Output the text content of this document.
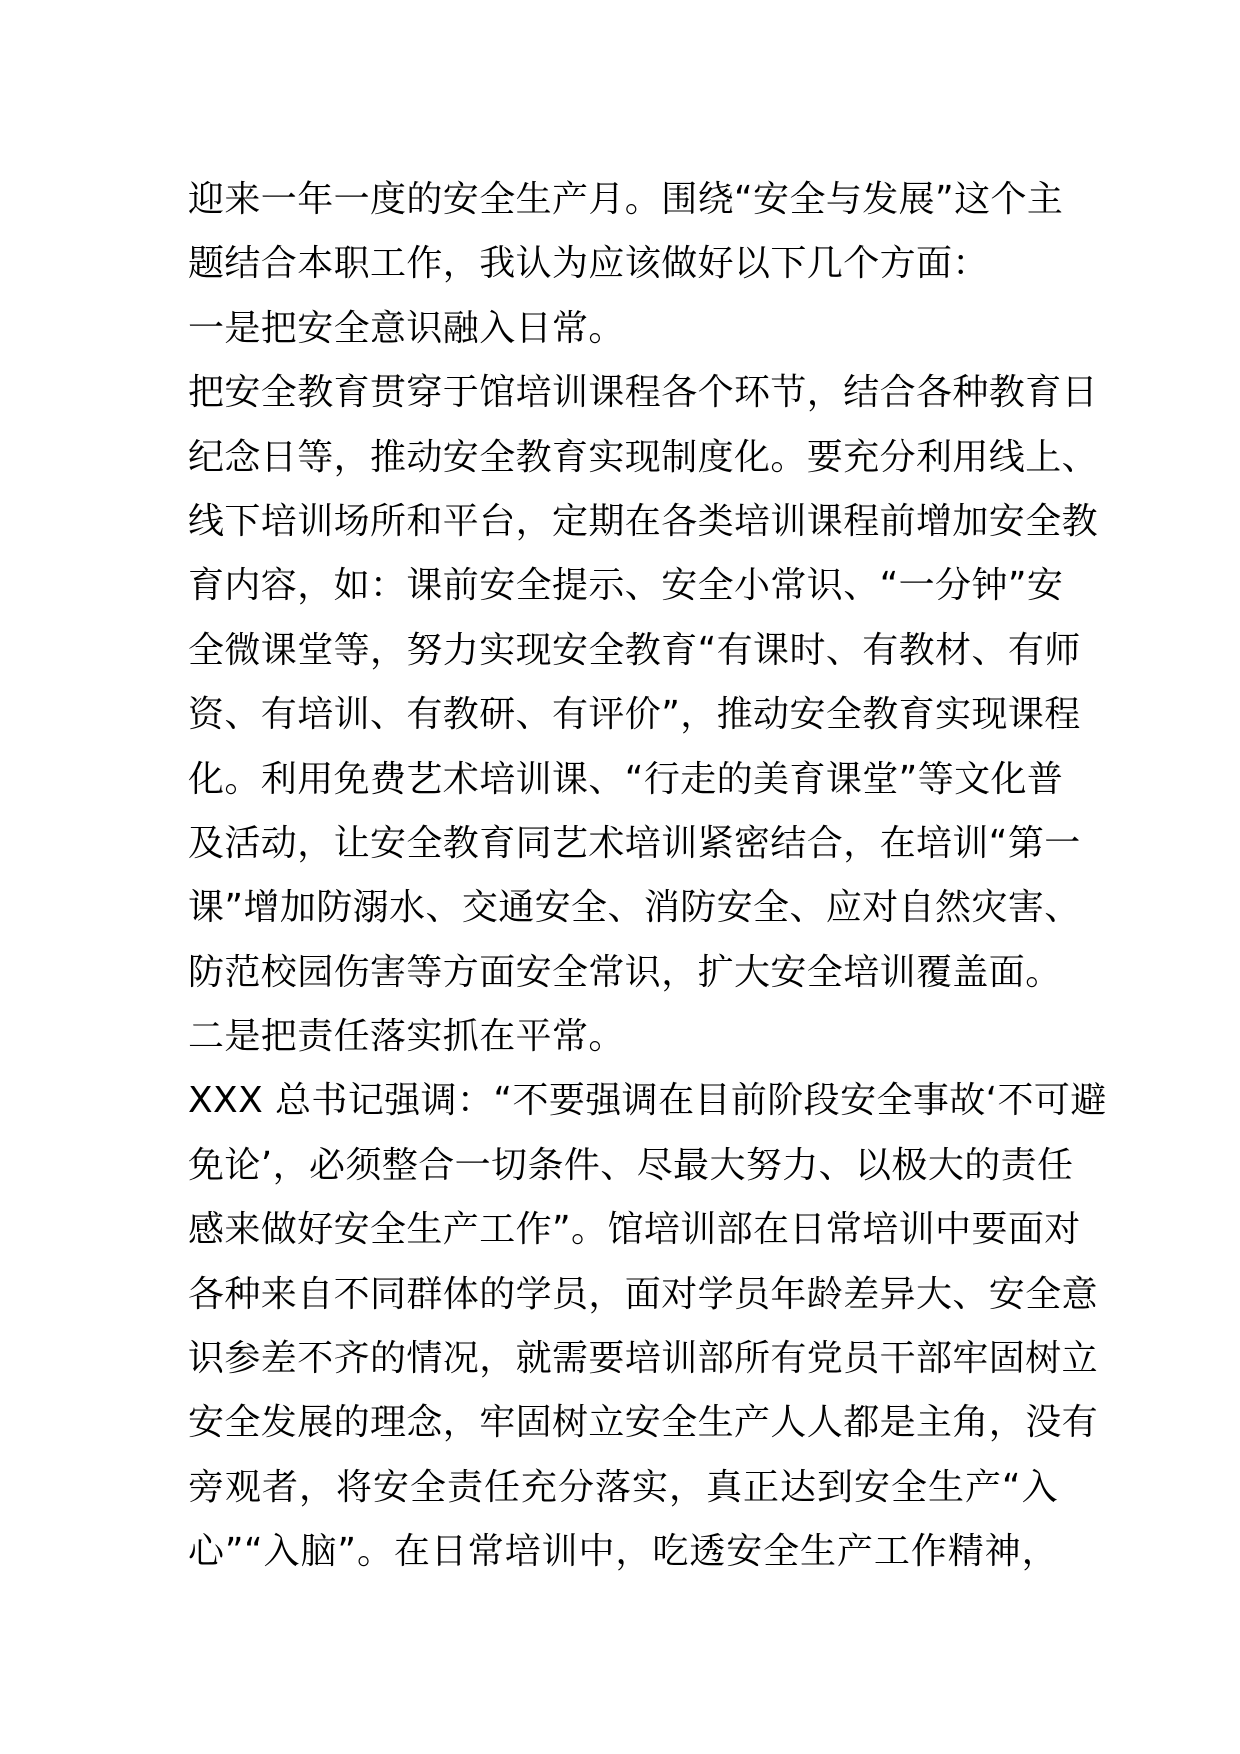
迎来一年一度的安全生产月。围绕“安全与发展”这个主
题结合本职工作，我认为应该做好以下几个方面：
一是把安全意识融入日常。
把安全教育贯穿于馆培训课程各个环节，结合各种教育日
纪念日等，推动安全教育实现制度化。要充分利用线上、
线下培训场所和平台，定期在各类培训课程前增加安全教
育内容，如：课前安全提示、安全小常识、“一分钟”安
全微课堂等，努力实现安全教育“有课时、有教材、有师
资、有培训、有教研、有评价”，推动安全教育实现课程
化。利用免费艺术培训课、“行走的美育课堂”等文化普
及活动，让安全教育同艺术培训紧密结合，在培训“第一
课”增加防溺水、交通安全、消防安全、应对自然灾害、
防范校园伤害等方面安全常识，扩大安全培训覆盖面。
二是把责任落实抓在平常。
XXX 总书记强调：“不要强调在目前阶段安全事故‘不可避
免论’，必须整合一切条件、尽最大努力、以极大的责任
感来做好安全生产工作”。馆培训部在日常培训中要面对
各种来自不同群体的学员，面对学员年龄差异大、安全意
识参差不齐的情况，就需要培训部所有党员干部牢固树立
安全发展的理念，牢固树立安全生产人人都是主角，没有
旁观者，将安全责任充分落实，真正达到安全生产“入
心”“入脑”。在日常培训中，吃透安全生产工作精神，
